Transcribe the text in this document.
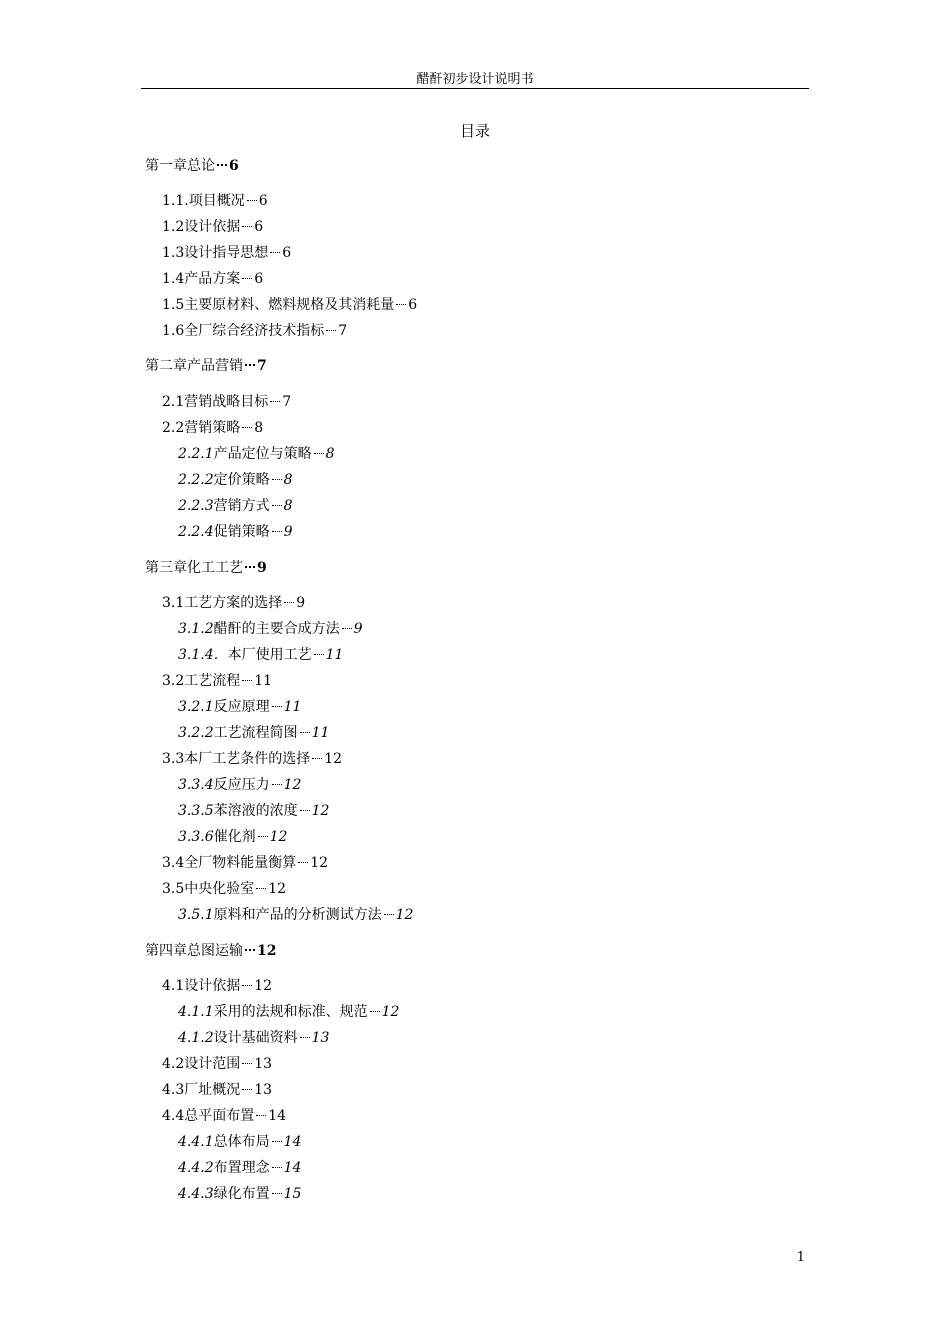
醋酐初步设计说明书
目录
第一章 总论 6
1.1. 项目概况 6
1.2 设计依据 6
1.3 设计指导思想 6
1.4 产品方案 6
1.5 主要原材料、燃料规格及其消耗量 6
1.6 全厂综合经济技术指标 7
第二章 产品营销 7
2.1 营销战略目标 7
2.2 营销策略 8
2.2.1 产品定位与策略 8
2.2.2 定价策略 8
2.2.3 营销方式 8
2.2.4 促销策略 9
第三章 化工工艺 9
3.1 工艺方案的选择 9
3.1.2 醋酐的主要合成方法 9
3.1.4． 本厂使用工艺 11
3.2 工艺流程 11
3.2.1 反应原理 11
3.2.2 工艺流程简图 11
3.3 本厂工艺条件的选择 12
3.3.4 反应压力 12
3.3.5 苯溶液的浓度 12
3.3.6 催化剂 12
3.4 全厂物料能量衡算 12
3.5 中央化验室 12
3.5.1 原料和产品的分析测试方法 12
第四章 总图运输 12
4.1 设计依据 12
4.1.1 采用的法规和标准、规范 12
4.1.2 设计基础资料 13
4.2 设计范围 13
4.3 厂址概况 13
4.4 总平面布置 14
4.4.1 总体布局 14
4.4.2 布置理念 14
4.4.3 绿化布置 15
1
